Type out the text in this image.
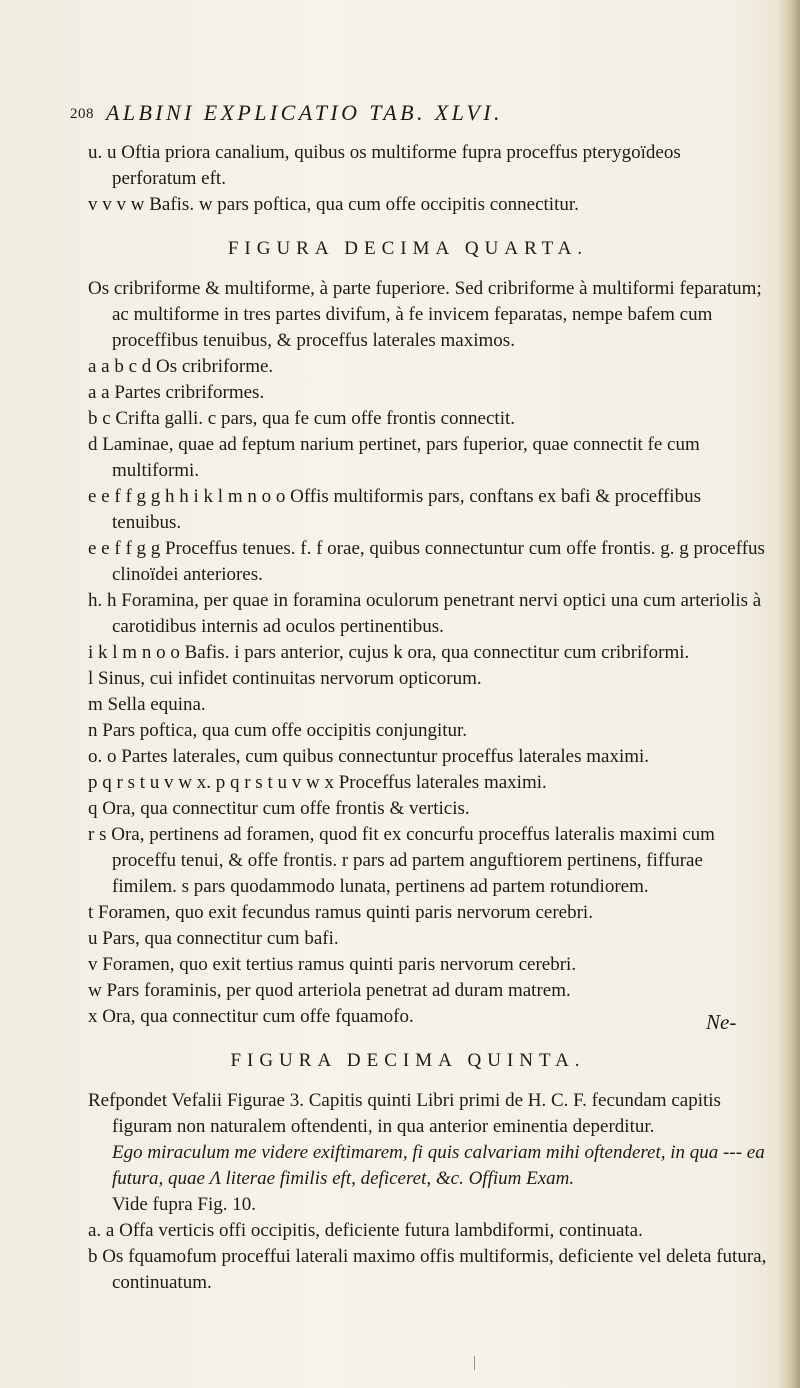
208 ALBINI EXPLICATIO TAB. XLVI.

u. u Oftia priora canalium, quibus os multiforme fupra proceffus pterygoïdeos perforatum eft.

v v v w Bafis. w pars poftica, qua cum offe occipitis connectitur.

FIGURA DECIMA QUARTA.

Os cribriforme & multiforme, à parte fuperiore. Sed cribriforme à multiformi feparatum; ac multiforme in tres partes divifum, à fe invicem feparatas, nempe bafem cum proceffibus tenuibus, & proceffus laterales maximos.

a a b c d Os cribriforme.

a a Partes cribriformes.

b c Crifta galli. c pars, qua fe cum offe frontis connectit.

d Laminae, quae ad feptum narium pertinet, pars fuperior, quae connectit fe cum multiformi.

e e f f g g h h i k l m n o o Offis multiformis pars, conftans ex bafi & proceffibus tenuibus.

e e f f g g Proceffus tenues. f. f orae, quibus connectuntur cum offe frontis. g. g proceffus clinoïdei anteriores.

h. h Foramina, per quae in foramina oculorum penetrant nervi optici una cum arteriolis à carotidibus internis ad oculos pertinentibus.

i k l m n o o Bafis. i pars anterior, cujus k ora, qua connectitur cum cribriformi.

l Sinus, cui infidet continuitas nervorum opticorum.

m Sella equina.

n Pars poftica, qua cum offe occipitis conjungitur.

o. o Partes laterales, cum quibus connectuntur proceffus laterales maximi.

p q r s t u v w x. p q r s t u v w x Proceffus laterales maximi.

q Ora, qua connectitur cum offe frontis & verticis.

r s Ora, pertinens ad foramen, quod fit ex concurfu proceffus lateralis maximi cum proceffu tenui, & offe frontis. r pars ad partem anguftiorem pertinens, fiffurae fimilem. s pars quodammodo lunata, pertinens ad partem rotundiorem.

t Foramen, quo exit fecundus ramus quinti paris nervorum cerebri.

u Pars, qua connectitur cum bafi.

v Foramen, quo exit tertius ramus quinti paris nervorum cerebri.

w Pars foraminis, per quod arteriola penetrat ad duram matrem.

x Ora, qua connectitur cum offe fquamofo.

FIGURA DECIMA QUINTA.

Refpondet Vefalii Figurae 3. Capitis quinti Libri primi de H. C. F. fecundam capitis figuram non naturalem oftendenti, in qua anterior eminentia deperditur.

Ego miraculum me videre exiftimarem, fi quis calvariam mihi oftenderet, in qua --- ea futura, quae Λ literae fimilis eft, deficeret, &c. Offium Exam.

Vide fupra Fig. 10.

a. a Offa verticis offi occipitis, deficiente futura lambdiformi, continuata.

b Os fquamofum proceffui laterali maximo offis multiformis, deficiente vel deleta futura, continuatum.

Ne-
